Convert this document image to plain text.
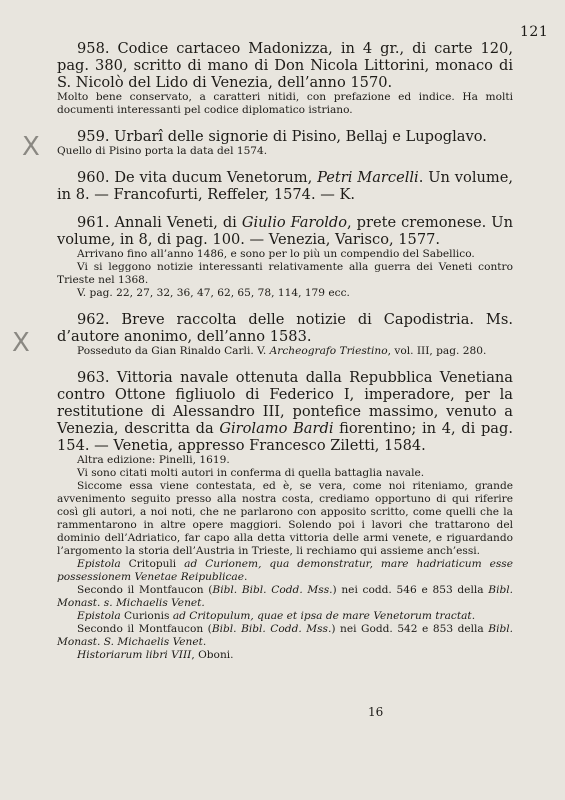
121
X
X
958. Codice cartaceo Madonizza, in 4 gr., di carte 120, pag. 380, scritto di mano di Don Nicola Littorini, monaco di S. Nicolò del Lido di Venezia, dell’anno 1570.
Molto bene conservato, a caratteri nitidi, con prefazione ed indice. Ha molti documenti interessanti pel codice diplomatico istriano.
959. Urbarî delle signorie di Pisino, Bellaj e Lupoglavo.
Quello di Pisino porta la data del 1574.
960. De vita ducum Venetorum, Petri Marcelli. Un volume, in 8. — Francofurti, Reffeler, 1574. — K.
961. Annali Veneti, di Giulio Faroldo, prete cremonese. Un volume, in 8, di pag. 100. — Venezia, Varisco, 1577.
Arrivano fino all’anno 1486, e sono per lo più un compendio del Sabellico.
Vi si leggono notizie interessanti relativamente alla guerra dei Veneti contro Trieste nel 1368.
V. pag. 22, 27, 32, 36, 47, 62, 65, 78, 114, 179 ecc.
962. Breve raccolta delle notizie di Capodistria. Ms. d’autore anonimo, dell’anno 1583.
Posseduto da Gian Rinaldo Carli. V. Archeografo Triestino, vol. III, pag. 280.
963. Vittoria navale ottenuta dalla Repubblica Venetiana contro Ottone figliuolo di Federico I, imperadore, per la restitutione di Alessandro III, pontefice massimo, venuto a Venezia, descritta da Girolamo Bardi fiorentino; in 4, di pag. 154. — Venetia, appresso Francesco Ziletti, 1584.
Altra edizione: Pinelli, 1619.
Vi sono citati molti autori in conferma di quella battaglia navale.
Siccome essa viene contestata, ed è, se vera, come noi riteniamo, grande avvenimento seguito presso alla nostra costa, crediamo opportuno di qui riferire così gli autori, a noi noti, che ne parlarono con apposito scritto, come quelli che la rammentarono in altre opere maggiori. Solendo poi i lavori che trattarono del dominio dell’Adriatico, far capo alla detta vittoria delle armi venete, e riguardando l’argomento la storia dell’Austria in Trieste, li rechiamo qui assieme anch’essi.
Epistola Critopuli ad Curionem, qua demonstratur, mare hadriaticum esse possessionem Venetae Reipublicae.
Secondo il Montfaucon (Bibl. Bibl. Codd. Mss.) nei codd. 546 e 853 della Bibl. Monast. s. Michaelis Venet.
Epistola Curionis ad Critopulum, quae et ipsa de mare Venetorum tractat.
Secondo il Montfaucon (Bibl. Bibl. Codd. Mss.) nei Godd. 542 e 853 della Bibl. Monast. S. Michaelis Venet.
Historiarum libri VIII, Oboni.
16
